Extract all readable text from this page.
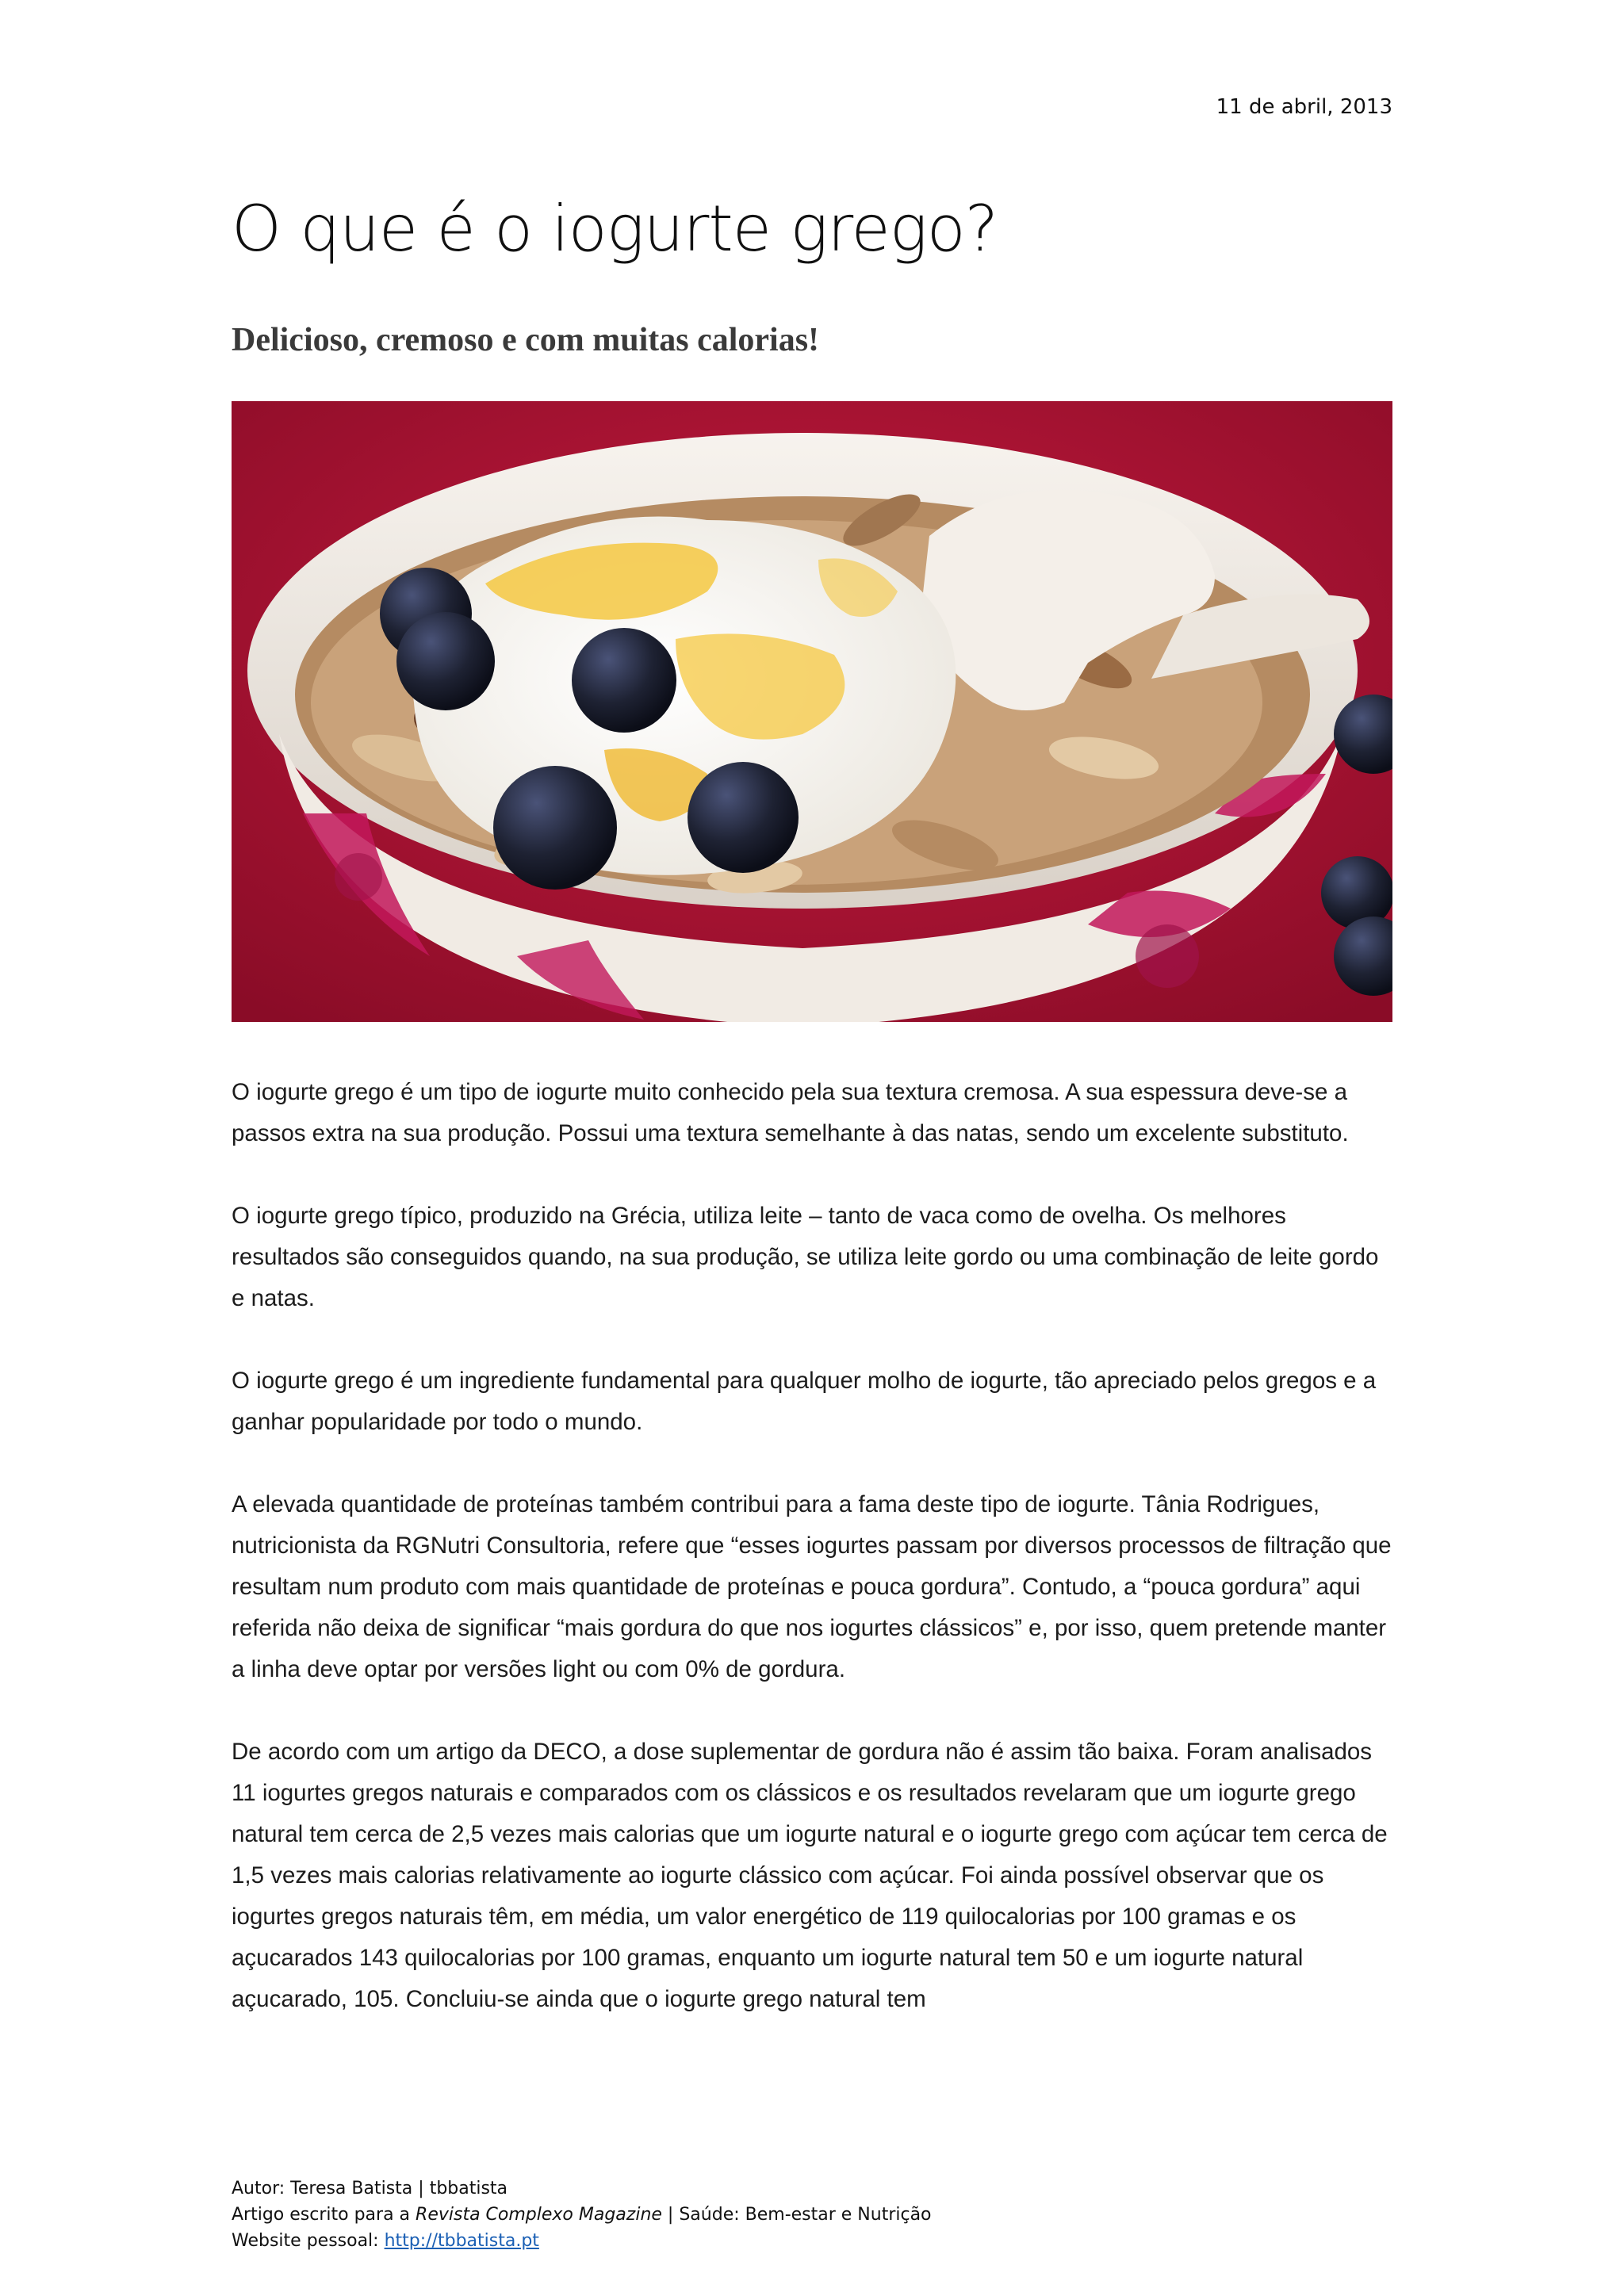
11 de abril, 2013
O que é o iogurte grego?
Delicioso, cremoso e com muitas calorias!

O iogurte grego é um tipo de iogurte muito conhecido pela sua textura cremosa. A sua espessura deve-se a passos extra na sua produção. Possui uma textura semelhante à das natas, sendo um excelente substituto.

O iogurte grego típico, produzido na Grécia, utiliza leite – tanto de vaca como de ovelha. Os melhores resultados são conseguidos quando, na sua produção, se utiliza leite gordo ou uma combinação de leite gordo e natas.

O iogurte grego é um ingrediente fundamental para qualquer molho de iogurte, tão apreciado pelos gregos e a ganhar popularidade por todo o mundo.

A elevada quantidade de proteínas também contribui para a fama deste tipo de iogurte. Tânia Rodrigues, nutricionista da RGNutri Consultoria, refere que “esses iogurtes passam por diversos processos de filtração que resultam num produto com mais quantidade de proteínas e pouca gordura”. Contudo, a “pouca gordura” aqui referida não deixa de significar “mais gordura do que nos iogurtes clássicos” e, por isso, quem pretende manter a linha deve optar por versões light ou com 0% de gordura.

De acordo com um artigo da DECO, a dose suplementar de gordura não é assim tão baixa. Foram analisados 11 iogurtes gregos naturais e comparados com os clássicos e os resultados revelaram que um iogurte grego natural tem cerca de 2,5 vezes mais calorias que um iogurte natural e o iogurte grego com açúcar tem cerca de 1,5 vezes mais calorias relativamente ao iogurte clássico com açúcar. Foi ainda possível observar que os iogurtes gregos naturais têm, em média, um valor energético de 119 quilocalorias por 100 gramas e os açucarados 143 quilocalorias por 100 gramas, enquanto um iogurte natural tem 50 e um iogurte natural açucarado, 105. Concluiu-se ainda que o iogurte grego natural tem

Autor: Teresa Batista | tbbatista
Artigo escrito para a Revista Complexo Magazine | Saúde: Bem-estar e Nutrição
Website pessoal: http://tbbatista.pt
